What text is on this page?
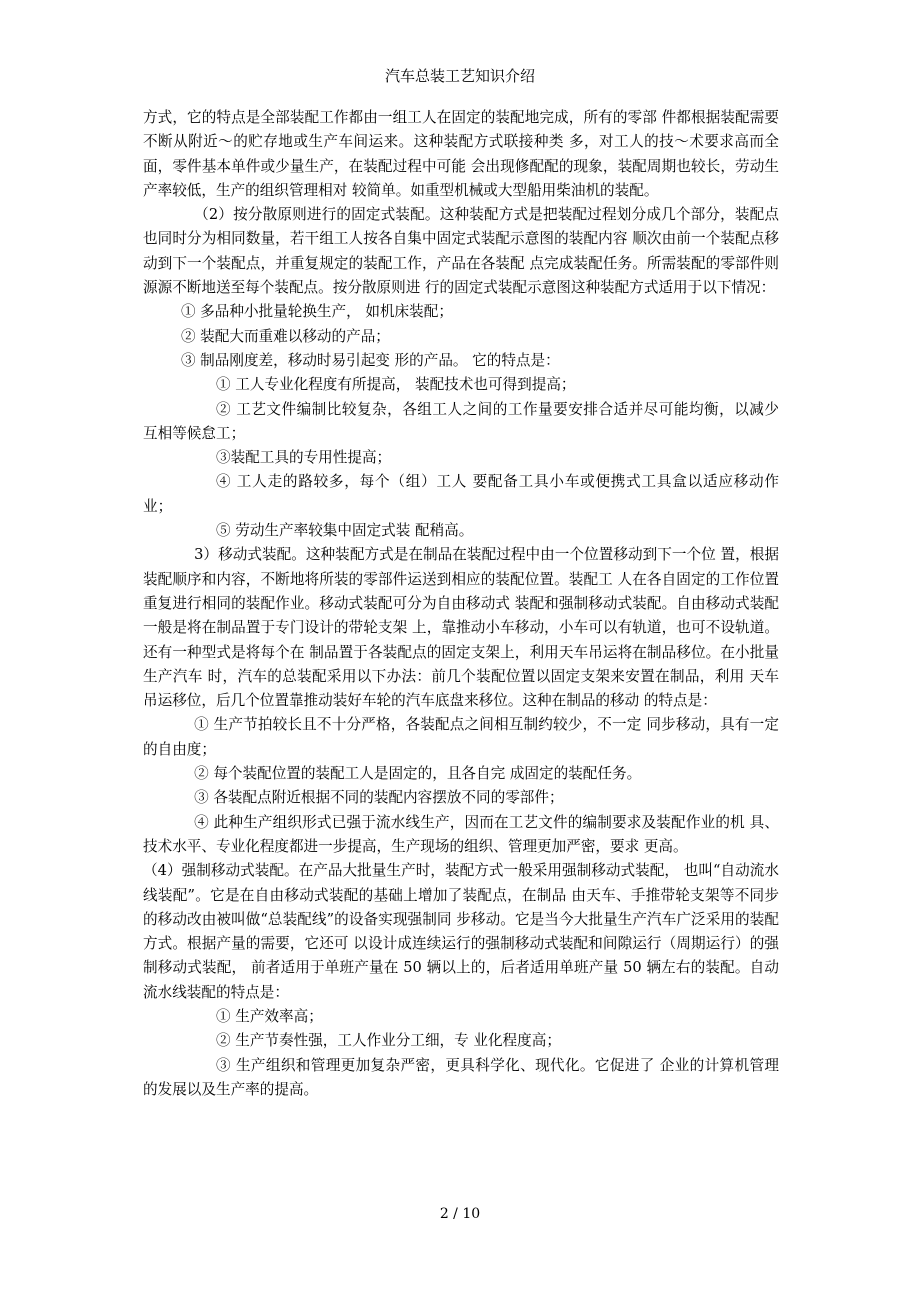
汽车总装工艺知识介绍

方式，它的特点是全部装配工作都由一组工人在固定的装配地完成，所有的零部 件都根据装配需要不断从附近～的贮存地或生产车间运来。这种装配方式联接种类 多，对工人的技～术要求高而全面，零件基本单件或少量生产，在装配过程中可能 会出现修配配的现象，装配周期也较长，劳动生产率较低，生产的组织管理相对 较简单。如重型机械或大型船用柴油机的装配。

（2）按分散原则进行的固定式装配。这种装配方式是把装配过程划分成几个部分，装配点也同时分为相同数量，若干组工人按各自集中固定式装配示意图的装配内容 顺次由前一个装配点移动到下一个装配点，并重复规定的装配工作，产品在各装配 点完成装配任务。所需装配的零部件则源源不断地送至每个装配点。按分散原则进 行的固定式装配示意图这种装配方式适用于以下情况：

① 多品种小批量轮换生产， 如机床装配；

② 装配大而重难以移动的产品；

③ 制品刚度差，移动时易引起变 形的产品。 它的特点是：

① 工人专业化程度有所提高， 装配技术也可得到提高；

② 工艺文件编制比较复杂，各组工人之间的工作量要安排合适并尽可能均衡，以减少 互相等候怠工；

③装配工具的专用性提高；

④ 工人走的路较多，每个（组）工人 要配备工具小车或便携式工具盒以适应移动作业；

⑤ 劳动生产率较集中固定式装 配稍高。

3）移动式装配。这种装配方式是在制品在装配过程中由一个位置移动到下一个位 置，根据装配顺序和内容，不断地将所装的零部件运送到相应的装配位置。装配工 人在各自固定的工作位置重复进行相同的装配作业。移动式装配可分为自由移动式 装配和强制移动式装配。自由移动式装配一般是将在制品置于专门设计的带轮支架 上，靠推动小车移动，小车可以有轨道，也可不设轨道。还有一种型式是将每个在 制品置于各装配点的固定支架上，利用天车吊运将在制品移位。在小批量生产汽车 时，汽车的总装配采用以下办法：前几个装配位置以固定支架来安置在制品，利用 天车吊运移位，后几个位置靠推动装好车轮的汽车底盘来移位。这种在制品的移动 的特点是：

① 生产节拍较长且不十分严格，各装配点之间相互制约较少，不一定 同步移动，具有一定的自由度；

② 每个装配位置的装配工人是固定的，且各自完 成固定的装配任务。

③ 各装配点附近根据不同的装配内容摆放不同的零部件；

④ 此种生产组织形式已强于流水线生产，因而在工艺文件的编制要求及装配作业的机 具、技术水平、专业化程度都进一步提高，生产现场的组织、管理更加严密，要求 更高。

（4）强制移动式装配。在产品大批量生产时，装配方式一般采用强制移动式装配， 也叫“自动流水线装配”。它是在自由移动式装配的基础上增加了装配点，在制品 由天车、手推带轮支架等不同步的移动改由被叫做“总装配线”的设备实现强制同 步移动。它是当今大批量生产汽车广泛采用的装配方式。根据产量的需要，它还可 以设计成连续运行的强制移动式装配和间隙运行（周期运行）的强制移动式装配， 前者适用于单班产量在 50 辆以上的，后者适用单班产量 50 辆左右的装配。自动 流水线装配的特点是：

① 生产效率高；

② 生产节奏性强，工人作业分工细，专 业化程度高；

③ 生产组织和管理更加复杂严密，更具科学化、现代化。它促进了 企业的计算机管理的发展以及生产率的提高。

2 / 10
